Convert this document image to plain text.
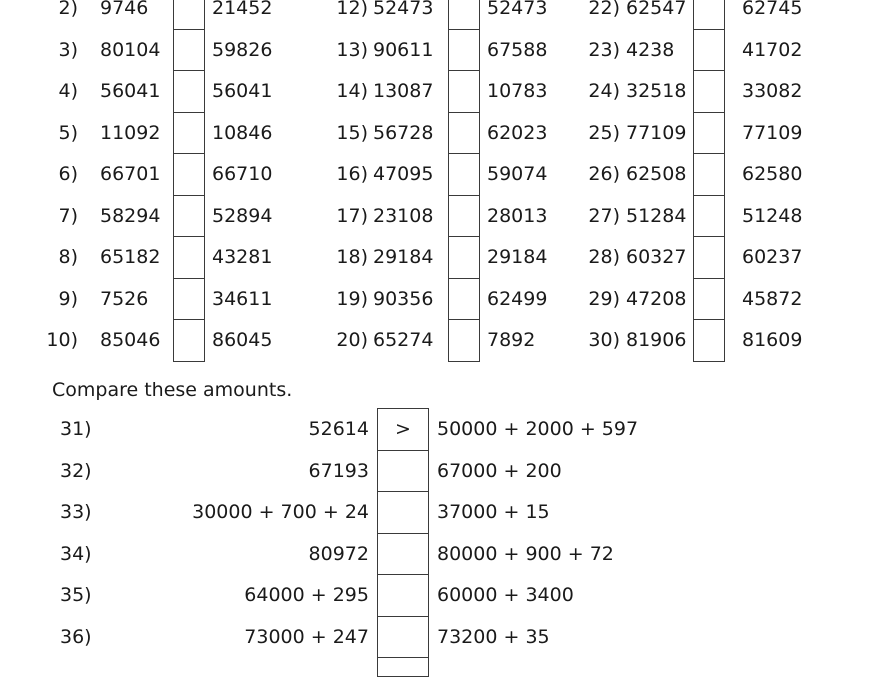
2) 9746	21452	12) 52473	52473	22) 62547	62745
3) 80104	59826	13) 90611	67588	23) 4238	41702
4) 56041	56041	14) 13087	10783	24) 32518	33082
5) 11092	10846	15) 56728	62023	25) 77109	77109
6) 66701	66710	16) 47095	59074	26) 62508	62580
7) 58294	52894	17) 23108	28013	27) 51284	51248
8) 65182	43281	18) 29184	29184	28) 60327	60237
9) 7526	34611	19) 90356	62499	29) 47208	45872
10) 85046	86045	20) 65274	7892	30) 81906	81609
Compare these amounts.
31)	52614	>	50000 + 2000 + 597
32)	67193	67000 + 200
33)	30000 + 700 + 24	37000 + 15
34)	80972	80000 + 900 + 72
35)	64000 + 295	60000 + 3400
36)	73000 + 247	73200 + 35
